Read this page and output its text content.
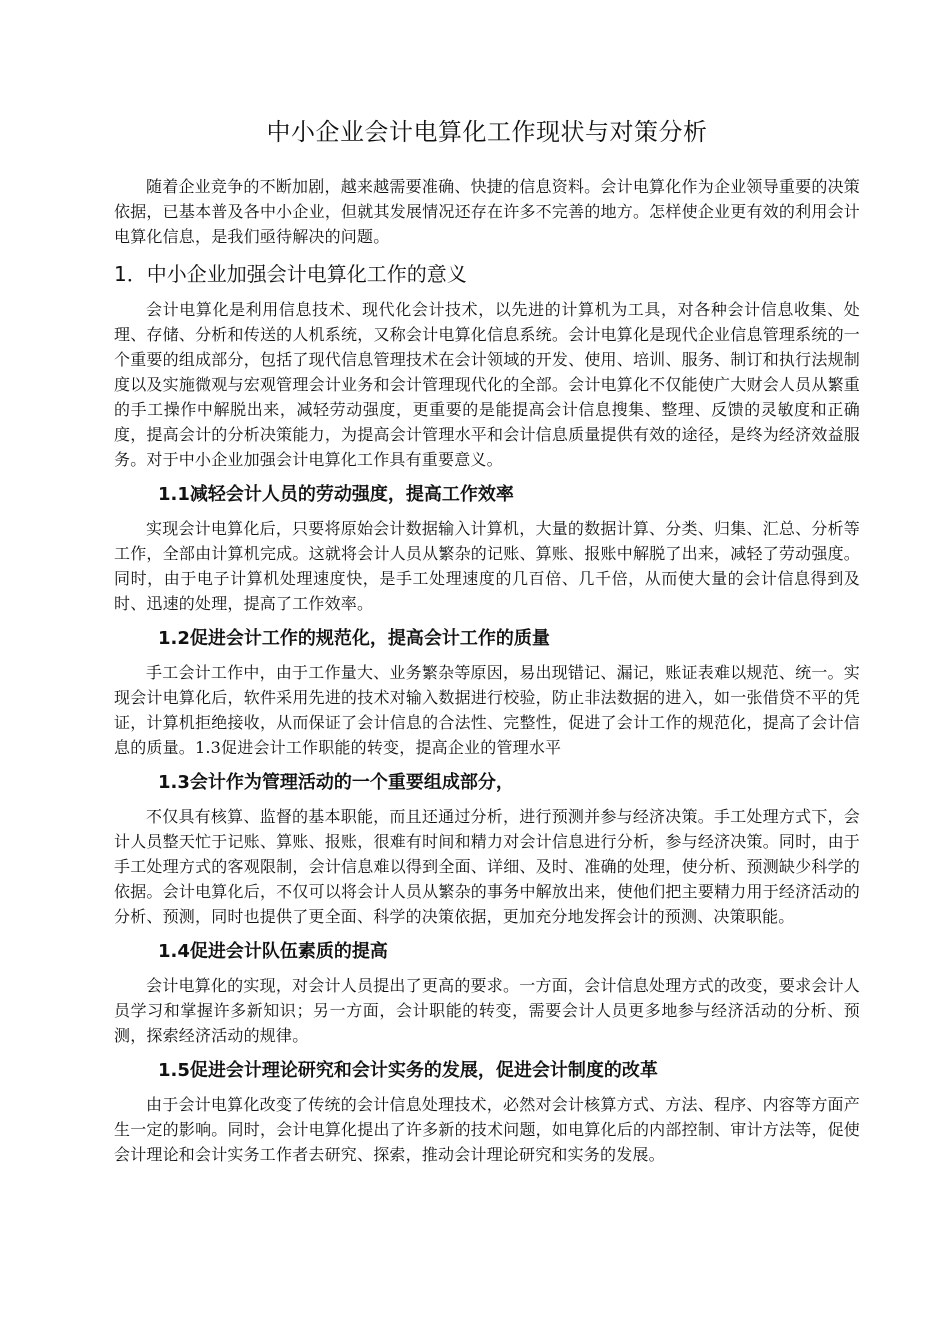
中小企业会计电算化工作现状与对策分析

随着企业竞争的不断加剧，越来越需要准确、快捷的信息资料。会计电算化作为企业领导重要的决策依据，已基本普及各中小企业，但就其发展情况还存在许多不完善的地方。怎样使企业更有效的利用会计电算化信息，是我们亟待解决的问题。

1．中小企业加强会计电算化工作的意义

会计电算化是利用信息技术、现代化会计技术，以先进的计算机为工具，对各种会计信息收集、处理、存储、分析和传送的人机系统，又称会计电算化信息系统。会计电算化是现代企业信息管理系统的一个重要的组成部分，包括了现代信息管理技术在会计领域的开发、使用、培训、服务、制订和执行法规制度以及实施微观与宏观管理会计业务和会计管理现代化的全部。会计电算化不仅能使广大财会人员从繁重的手工操作中解脱出来，减轻劳动强度，更重要的是能提高会计信息搜集、整理、反馈的灵敏度和正确度，提高会计的分析决策能力，为提高会计管理水平和会计信息质量提供有效的途径，是终为经济效益服务。对于中小企业加强会计电算化工作具有重要意义。

1.1减轻会计人员的劳动强度，提高工作效率

实现会计电算化后，只要将原始会计数据输入计算机，大量的数据计算、分类、归集、汇总、分析等工作，全部由计算机完成。这就将会计人员从繁杂的记账、算账、报账中解脱了出来，减轻了劳动强度。同时，由于电子计算机处理速度快，是手工处理速度的几百倍、几千倍，从而使大量的会计信息得到及时、迅速的处理，提高了工作效率。

1.2促进会计工作的规范化，提高会计工作的质量

手工会计工作中，由于工作量大、业务繁杂等原因，易出现错记、漏记，账证表难以规范、统一。实现会计电算化后，软件采用先进的技术对输入数据进行校验，防止非法数据的进入，如一张借贷不平的凭证，计算机拒绝接收，从而保证了会计信息的合法性、完整性，促进了会计工作的规范化，提高了会计信息的质量。1.3促进会计工作职能的转变，提高企业的管理水平

1.3会计作为管理活动的一个重要组成部分，

不仅具有核算、监督的基本职能，而且还通过分析，进行预测并参与经济决策。手工处理方式下，会计人员整天忙于记账、算账、报账，很难有时间和精力对会计信息进行分析，参与经济决策。同时，由于手工处理方式的客观限制，会计信息难以得到全面、详细、及时、准确的处理，使分析、预测缺少科学的依据。会计电算化后，不仅可以将会计人员从繁杂的事务中解放出来，使他们把主要精力用于经济活动的分析、预测，同时也提供了更全面、科学的决策依据，更加充分地发挥会计的预测、决策职能。

1.4促进会计队伍素质的提高

会计电算化的实现，对会计人员提出了更高的要求。一方面，会计信息处理方式的改变，要求会计人员学习和掌握许多新知识；另一方面，会计职能的转变，需要会计人员更多地参与经济活动的分析、预测，探索经济活动的规律。

1.5促进会计理论研究和会计实务的发展，促进会计制度的改革

由于会计电算化改变了传统的会计信息处理技术，必然对会计核算方式、方法、程序、内容等方面产生一定的影响。同时，会计电算化提出了许多新的技术问题，如电算化后的内部控制、审计方法等，促使会计理论和会计实务工作者去研究、探索，推动会计理论研究和实务的发展。
